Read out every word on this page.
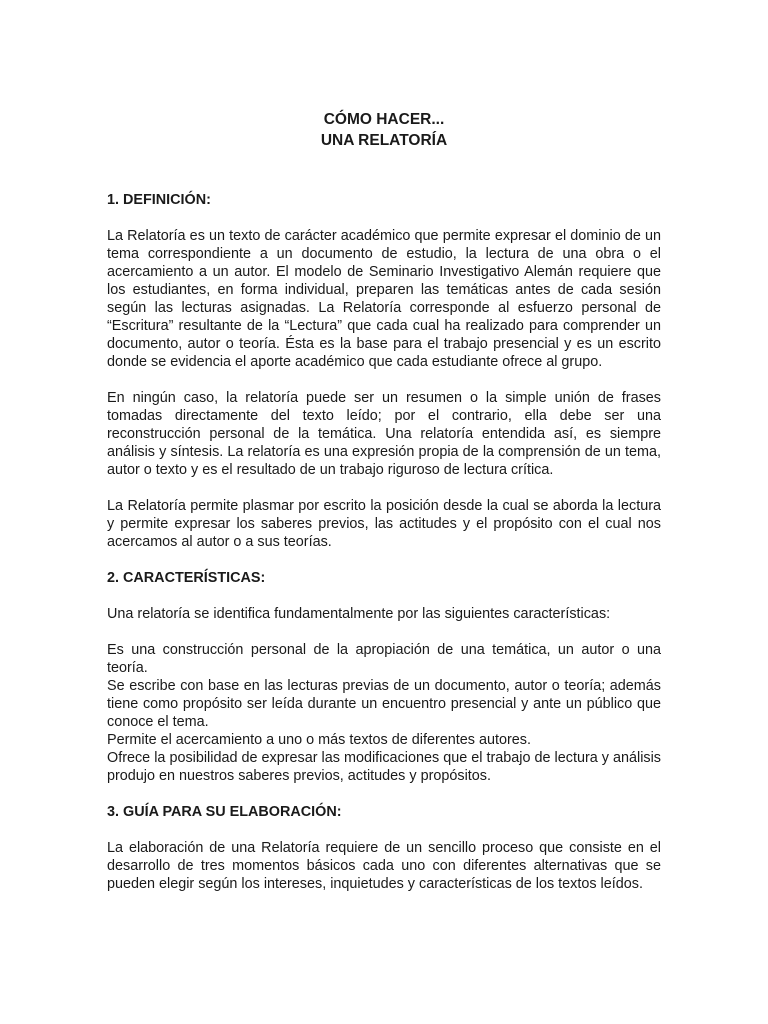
CÓMO HACER...
UNA RELATORÍA
1. DEFINICIÓN:

La Relatoría es un texto de carácter académico que permite expresar el dominio de un tema correspondiente a un documento de estudio, la lectura de una obra o el acercamiento a un autor. El modelo de Seminario Investigativo Alemán requiere que los estudiantes, en forma individual, preparen las temáticas antes de cada sesión según las lecturas asignadas. La Relatoría corresponde al esfuerzo personal de “Escritura” resultante de la “Lectura” que cada cual ha realizado para comprender un documento, autor o teoría. Ésta es la base para el trabajo presencial y es un escrito donde se evidencia el aporte académico que cada estudiante ofrece al grupo.

En ningún caso, la relatoría puede ser un resumen o la simple unión de frases tomadas directamente del texto leído; por el contrario, ella debe ser una reconstrucción personal de la temática. Una relatoría entendida así, es siempre análisis y síntesis. La relatoría es una expresión propia de la comprensión de un tema, autor o texto y es el resultado de un trabajo riguroso de lectura crítica.

La Relatoría permite plasmar por escrito la posición desde la cual se aborda la lectura y permite expresar los saberes previos, las actitudes y el propósito con el cual nos acercamos al autor o a sus teorías.

2. CARACTERÍSTICAS:

Una relatoría se identifica fundamentalmente por las siguientes características:

Es una construcción personal de la apropiación de una temática, un autor o una teoría.

Se escribe con base en las lecturas previas de un documento, autor o teoría; además tiene como propósito ser leída durante un encuentro presencial y ante un público que conoce el tema.

Permite el acercamiento a uno o más textos de diferentes autores.

Ofrece la posibilidad de expresar las modificaciones que el trabajo de lectura y análisis produjo en nuestros saberes previos, actitudes y propósitos.

3. GUÍA PARA SU ELABORACIÓN:

La elaboración de una Relatoría requiere de un sencillo proceso que consiste en el desarrollo de tres momentos básicos cada uno con diferentes alternativas que se pueden elegir según los intereses, inquietudes y características de los textos leídos.
